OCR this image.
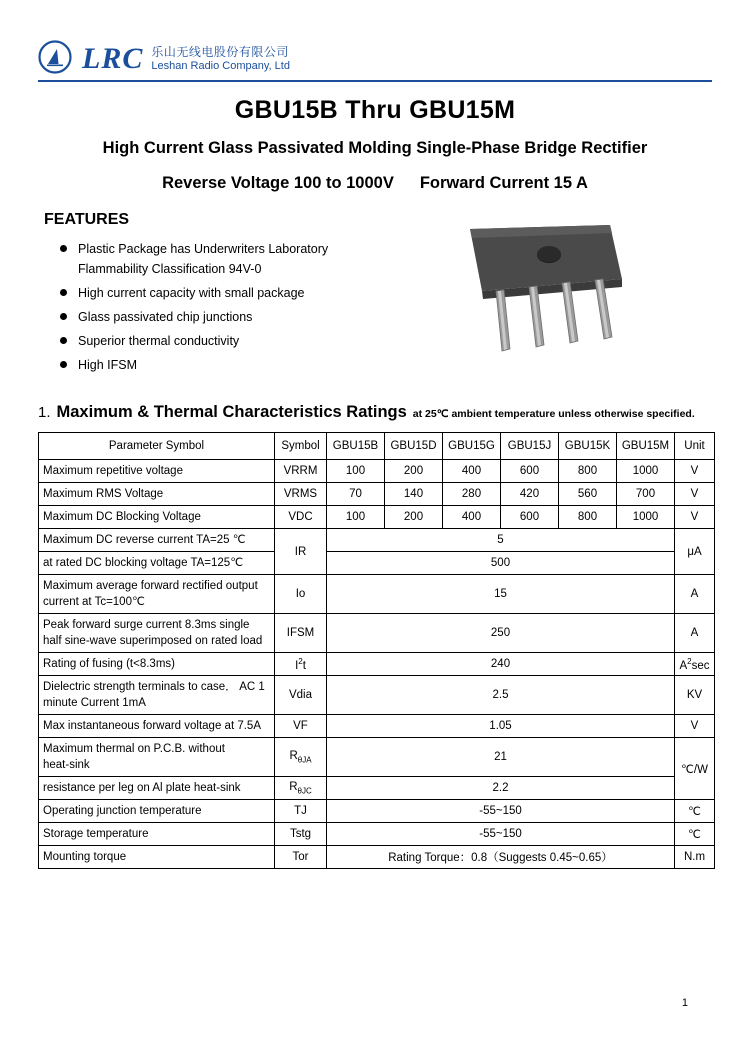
LRC 乐山无线电股份有限公司
Leshan Radio Company, Ltd
GBU15B Thru GBU15M
High Current Glass Passivated Molding Single-Phase Bridge Rectifier
Reverse Voltage 100 to 1000V Forward Current 15 A
FEATURES
Plastic Package has Underwriters Laboratory
Flammability Classification 94V-0
High current capacity with small package
Glass passivated chip junctions
Superior thermal conductivity
High IFSM
1. Maximum & Thermal Characteristics Ratings at 25℃ ambient temperature unless otherwise specified.
Parameter Symbol	Symbol	GBU15B	GBU15D	GBU15G	GBU15J	GBU15K	GBU15M	Unit
Maximum repetitive voltage	VRRM	100	200	400	600	800	1000	V
Maximum RMS Voltage	VRMS	70	140	280	420	560	700	V
Maximum DC Blocking Voltage	VDC	100	200	400	600	800	1000	V
Maximum DC reverse current TA=25 ℃	IR	5						μA
at rated DC blocking voltage TA=125℃		500						
Maximum average forward rectified output
current at Tc=100℃	Io	15						A
Peak forward surge current 8.3ms single
half sine-wave superimposed on rated load	IFSM	250						A
Rating of fusing (t<8.3ms)	$I^2t$	240						$A^2\sec$
Dielectric strength terminals to case． AC 1
minute Current 1mA	Vdia	2.5						KV
Max instantaneous forward voltage at 7.5A	VF	1.05						V
Maximum thermal on P.C.B. without
heat-sink	$R_{\theta JA}$	21						℃/W
resistance per leg on Al plate heat-sink	$R_{\theta JC}$	2.2						
Operating junction temperature	TJ	-55~150						℃
Storage temperature	Tstg	-55~150						℃
Mounting torque	Tor	Rating Torque：0.8（Suggests 0.45~0.65）						N.m
1
